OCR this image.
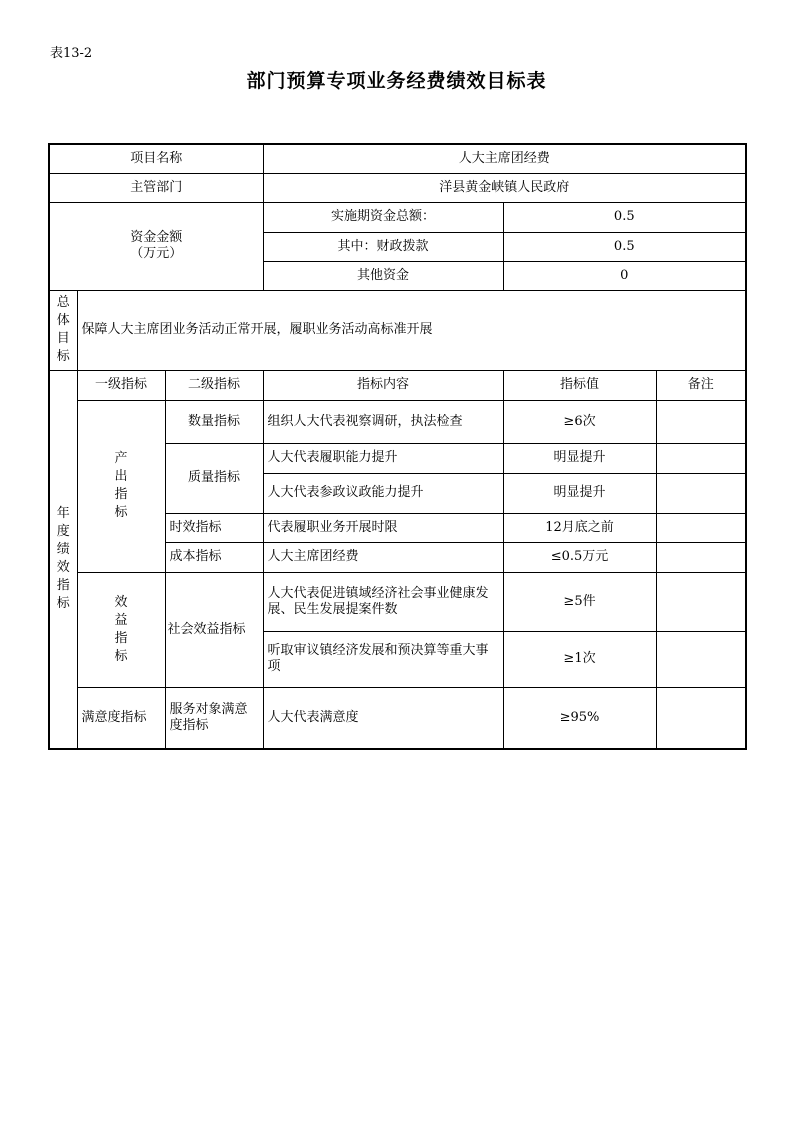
表13-2
部门预算专项业务经费绩效目标表
项目名称			人大主席团经费		
主管部门			洋县黄金峡镇人民政府		

资金金额
（万元）			实施期资金总额：	0.5	
			其中：财政拨款	0.5	
			其他资金	0	

总体目标	保障人大主席团业务活动正常开展，履职业务活动高标准开展				

年度绩效指标	一级指标	二级指标	指标内容	指标值	备注

	产出指标	数量指标	组织人大代表视察调研，执法检查	≥6次	
		质量指标	人大代表履职能力提升	明显提升	
			人大代表参政议政能力提升	明显提升	
		时效指标	代表履职业务开展时限	12月底之前	
		成本指标	人大主席团经费	≤0.5万元	

	效益指标	社会效益指标	人大代表促进镇域经济社会事业健康发展、民生发展提案件数	≥5件	
			听取审议镇经济发展和预决算等重大事项	≥1次	
	满意度指标	服务对象满意度指标	人大代表满意度	≥95%	
